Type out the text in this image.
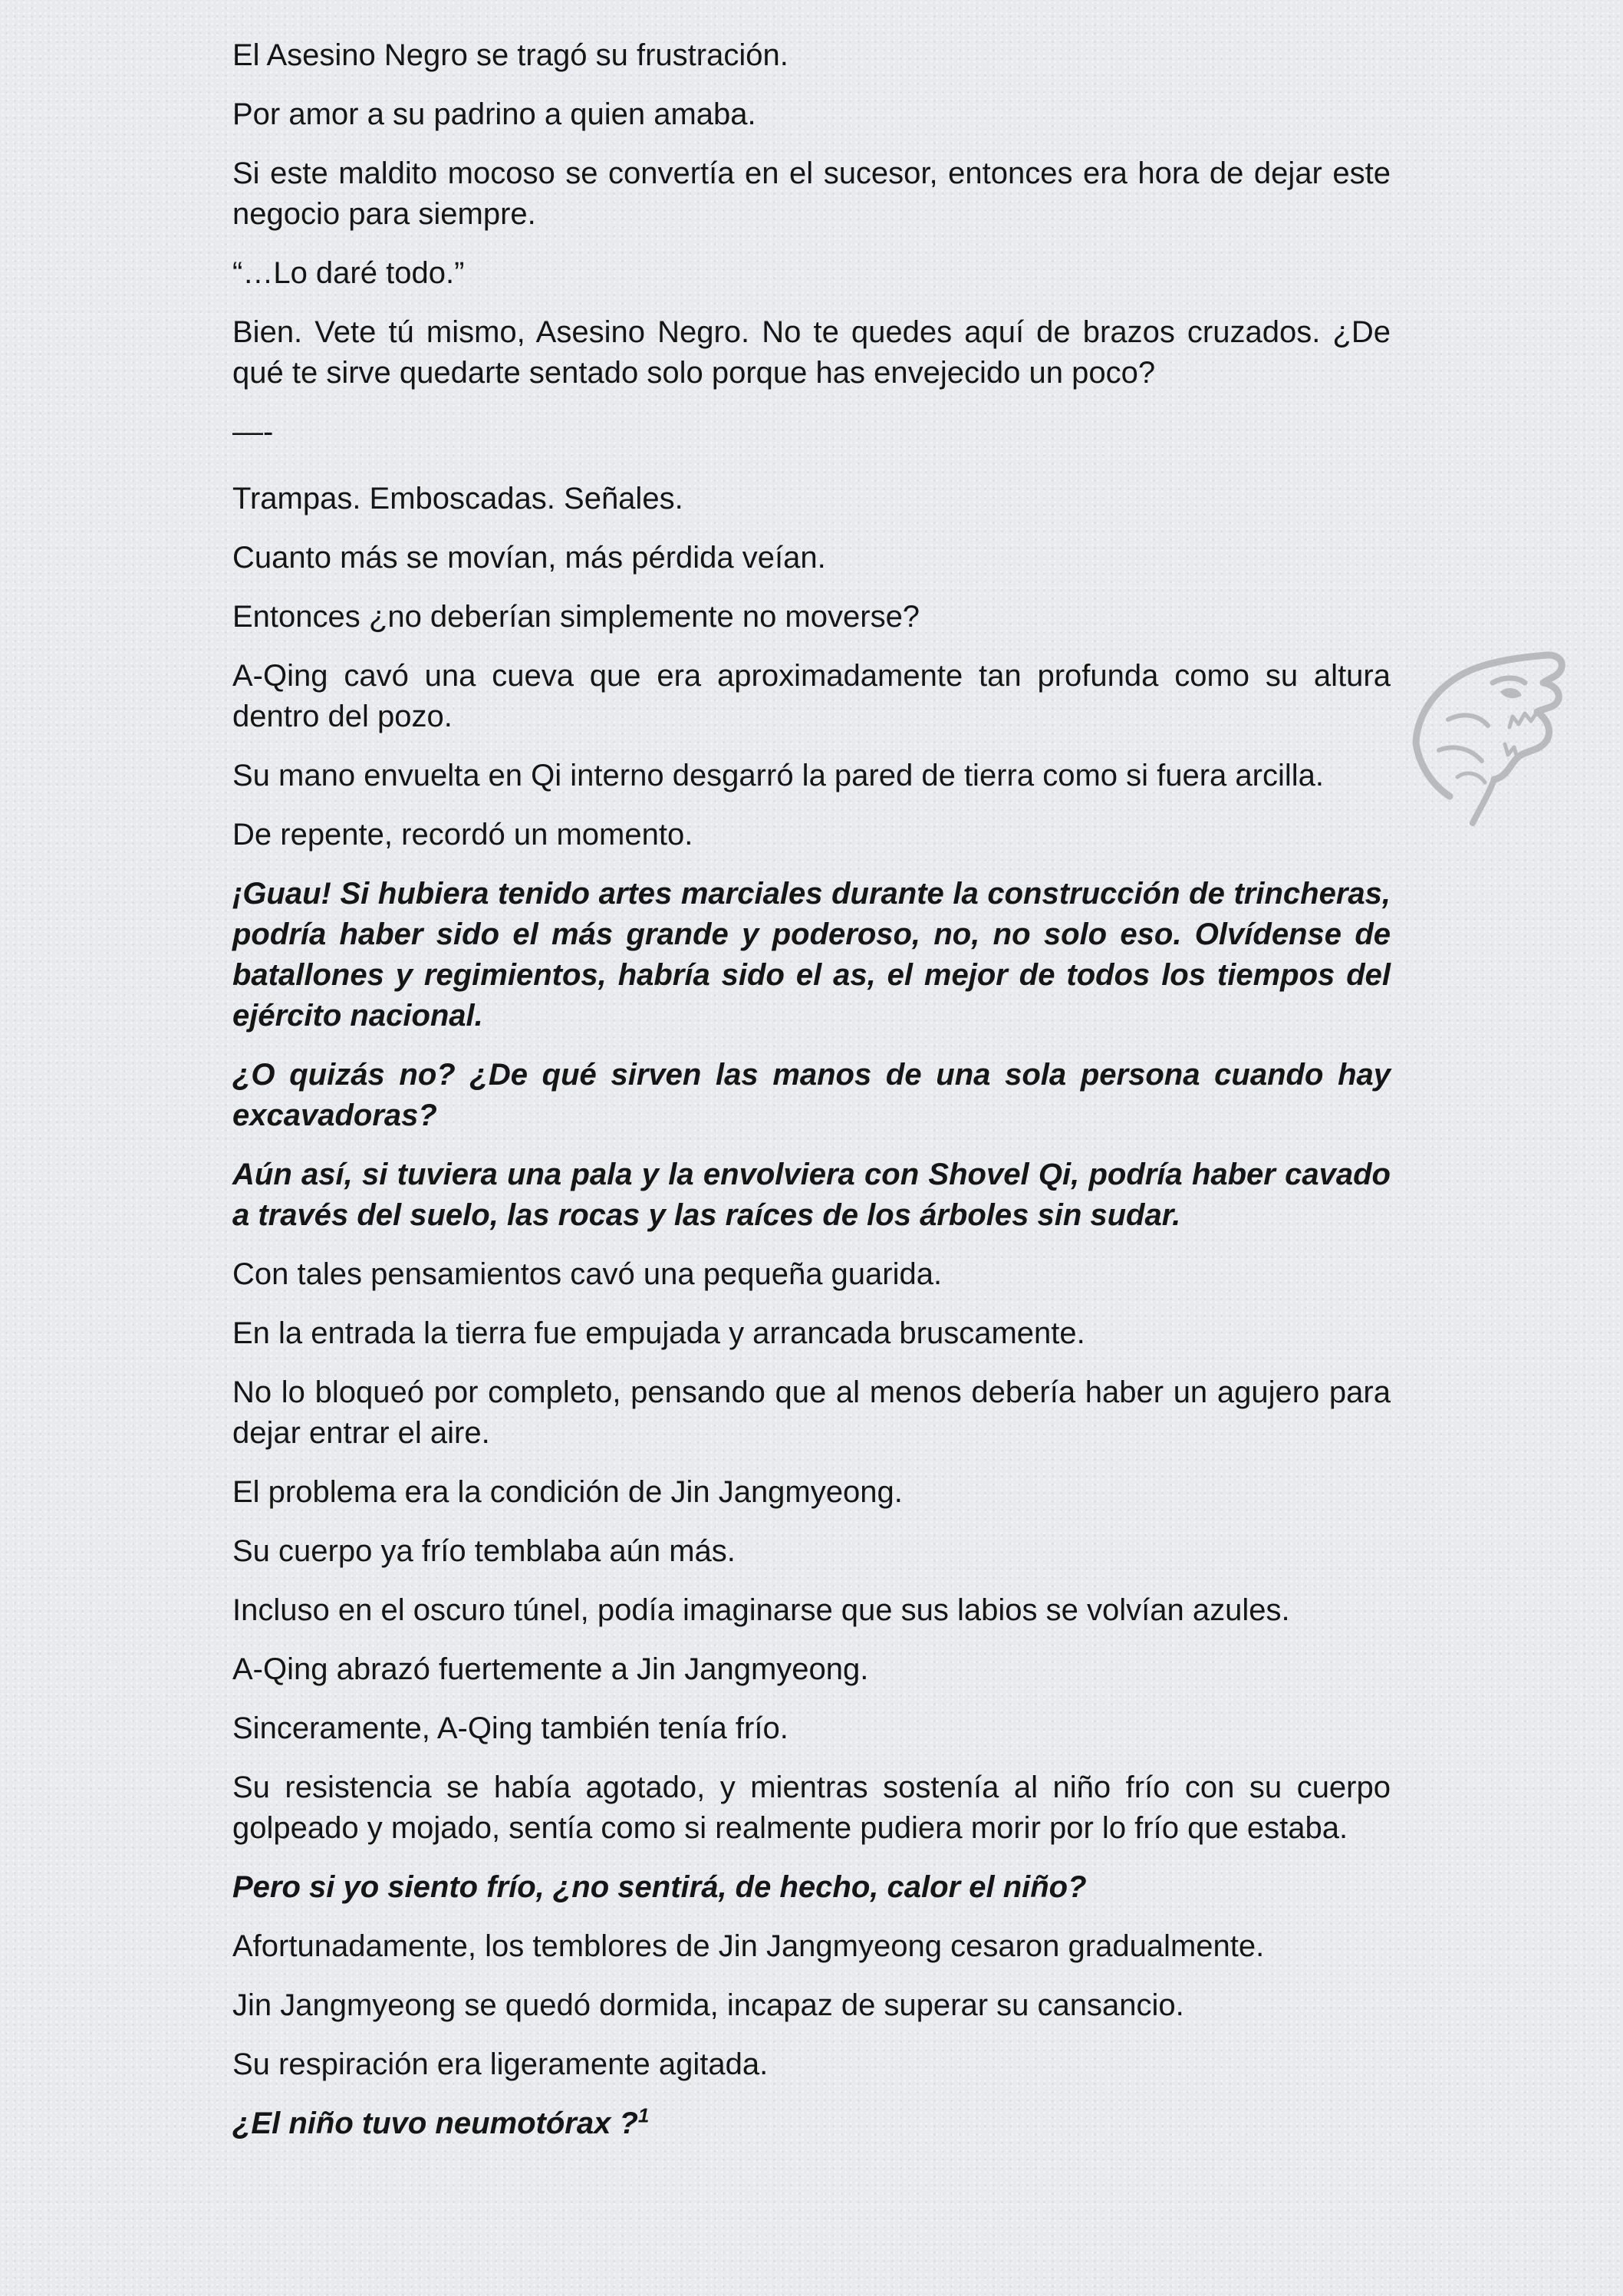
El Asesino Negro se tragó su frustración.

Por amor a su padrino a quien amaba.

Si este maldito mocoso se convertía en el sucesor, entonces era hora de dejar este negocio para siempre.

“…Lo daré todo.”

Bien. Vete tú mismo, Asesino Negro. No te quedes aquí de brazos cruzados. ¿De qué te sirve quedarte sentado solo porque has envejecido un poco?

—-

Trampas. Emboscadas. Señales.

Cuanto más se movían, más pérdida veían.

Entonces ¿no deberían simplemente no moverse?

A-Qing cavó una cueva que era aproximadamente tan profunda como su altura dentro del pozo.

Su mano envuelta en Qi interno desgarró la pared de tierra como si fuera arcilla.

De repente, recordó un momento.

¡Guau! Si hubiera tenido artes marciales durante la construcción de trincheras, podría haber sido el más grande y poderoso, no, no solo eso. Olvídense de batallones y regimientos, habría sido el as, el mejor de todos los tiempos del ejército nacional.

¿O quizás no? ¿De qué sirven las manos de una sola persona cuando hay excavadoras?

Aún así, si tuviera una pala y la envolviera con Shovel Qi, podría haber cavado a través del suelo, las rocas y las raíces de los árboles sin sudar.

Con tales pensamientos cavó una pequeña guarida.

En la entrada la tierra fue empujada y arrancada bruscamente.

No lo bloqueó por completo, pensando que al menos debería haber un agujero para dejar entrar el aire.

El problema era la condición de Jin Jangmyeong.

Su cuerpo ya frío temblaba aún más.

Incluso en el oscuro túnel, podía imaginarse que sus labios se volvían azules.

A-Qing abrazó fuertemente a Jin Jangmyeong.

Sinceramente, A-Qing también tenía frío.

Su resistencia se había agotado, y mientras sostenía al niño frío con su cuerpo golpeado y mojado, sentía como si realmente pudiera morir por lo frío que estaba.

Pero si yo siento frío, ¿no sentirá, de hecho, calor el niño?

Afortunadamente, los temblores de Jin Jangmyeong cesaron gradualmente.

Jin Jangmyeong se quedó dormida, incapaz de superar su cansancio.

Su respiración era ligeramente agitada.

¿El niño tuvo neumotórax ?$^1$
